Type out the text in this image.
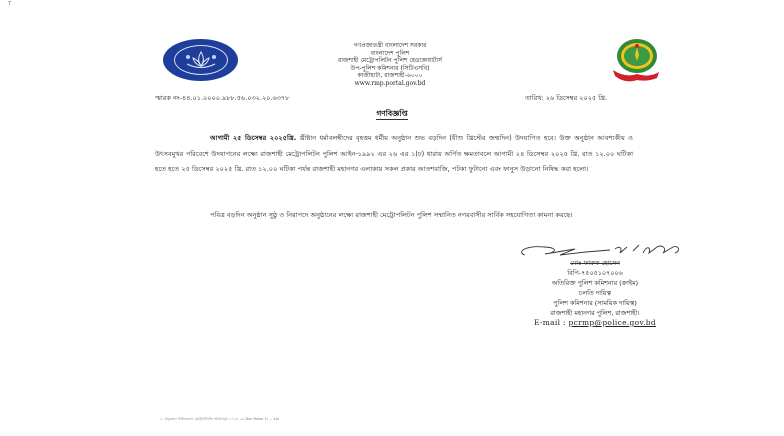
T
গণপ্রজাতন্ত্রী বাংলাদেশ সরকার
বাংলাদেশ পুলিশ
রাজশাহী মেট্রোপলিটন পুলিশ হেডকোয়ার্টার্স
উপ-পুলিশ কমিশনার (সিটিএসবি)
কাজীহাটা, রাজশাহী-৬০০০
www.rmp.portal.gov.bd
স্মারক নং-৪৪.০১.০০০০.৯৮৮.৫৬.০৩২.২০.৬৩৭৮	তারিখ: ২৬ ডিসেম্বর ২০২৫ খ্রি.
গণবিজ্ঞপ্তি
আগামী ২৫ ডিসেম্বর ২০২৫খ্রি. খ্রীষ্টান ধর্মাবলম্বীদের বৃহত্তম ধর্মীয় অনুষ্ঠান শুভ বড়দিন (যীশু খ্রিস্টের জন্মদিন) উদযাপিত হবে। উক্ত অনুষ্ঠান আবশ্যকীয় ও উৎসবমুখর পরিবেশে উদযাপনের লক্ষ্যে রাজশাহী মেট্রোপলিটন পুলিশ আইন-১৯৯২ এর ২৬ এর ১(ঢ) ধারায় অর্পিত ক্ষমতাবলে আগামী ২৪ ডিসেম্বর ২০২৫ খ্রি. রাত ১২.০০ ঘটিকা হতে হতে ২৫ ডিসেম্বর ২০২৫ খ্রি. রাত ১২.০০ ঘটিকা পর্যন্ত রাজশাহী মহানগর এলাকায় সকল প্রকার আতশবাজি, পটকা ফুটানো এবং ফানুস উড়ানো নিষিদ্ধ করা হলো।
পবিত্র বড়দিন অনুষ্ঠান সুষ্ঠু ও নিরাপদে অনুষ্ঠানের লক্ষ্যে রাজশাহী মেট্রোপলিটন পুলিশ সম্মানিত নগরবাসীর সার্বিক সহযোগিতা কামনা করছে।
মোঃ ফারুক হোসেন
বিপি-৭৫০৫১০৭০০৬
অতিরিক্ত পুলিশ কমিশনার (ক্রাইম)
চলতি দায়িত্ব
পুলিশ কমিশনার (সাময়িক দায়িত্ব)
রাজশাহী মহানগর পুলিশ, রাজশাহী।
E-mail : pcrmp@police.gov.bd
১. অনুচ্ছেদ নিষিদ্ধকরণ মেট্রোপলিটন আইনানুগ ২০২৫ ২৬ Dec Rules 1l ... 1m
